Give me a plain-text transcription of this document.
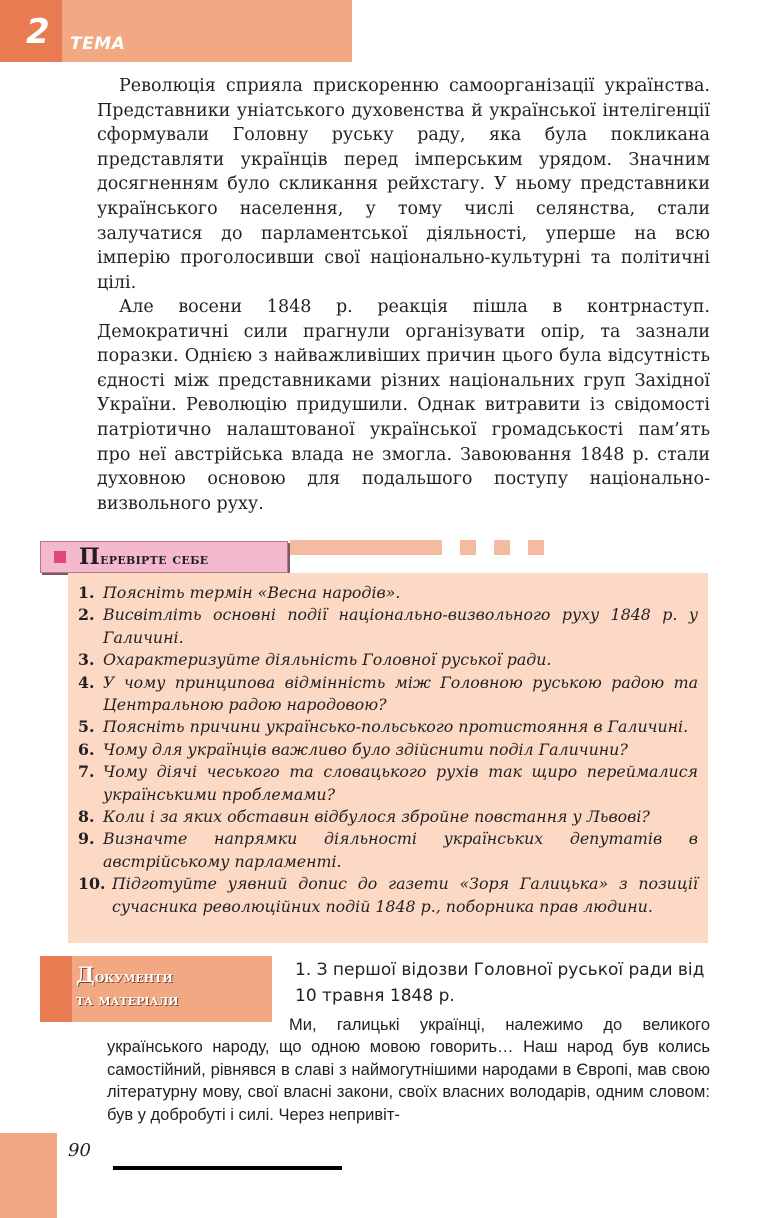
2 ТЕМА

Революція сприяла прискоренню самоорганізації українства. Представники уніатського духовенства й української інтелігенції сформували Головну руську раду, яка була покликана представляти українців перед імперським урядом. Значним досягненням було скликання рейхстагу. У ньому представники українського населення, у тому числі селянства, стали залучатися до парламентської діяльності, уперше на всю імперію проголосивши свої національно-культурні та політичні цілі.

Але восени 1848 р. реакція пішла в контрнаступ. Демократичні сили прагнули організувати опір, та зазнали поразки. Однією з найважливіших причин цього була відсутність єдності між представниками різних національних груп Західної України. Революцію придушили. Однак витравити із свідомості патріотично налаштованої української громадськості пам’ять про неї австрійська влада не змогла. Завоювання 1848 р. стали духовною основою для подальшого поступу національно-визвольного руху.

Перевірте себе
1. Поясніть термін «Весна народів».
2. Висвітліть основні події національно-визвольного руху 1848 р. у Галичині.
3. Охарактеризуйте діяльність Головної руської ради.
4. У чому принципова відмінність між Головною руською радою та Центральною радою народовою?
5. Поясніть причини українсько-польського протистояння в Галичині.
6. Чому для українців важливо було здійснити поділ Галичини?
7. Чому діячі чеського та словацького рухів так щиро переймалися українськими проблемами?
8. Коли і за яких обставин відбулося збройне повстання у Львові?
9. Визначте напрямки діяльності українських депутатів в австрійському парламенті.
10. Підготуйте уявний допис до газети «Зоря Галицька» з позиції сучасника революційних подій 1848 р., поборника прав людини.
Документи
та матеріали

1. З першої відозви Головної руської ради від 10 травня 1848 р.

Ми, галицькі українці, належимо до великого українського народу, що одною мовою говорить… Наш народ був колись самостійний, рівнявся в славі з наймогутнішими народами в Європі, мав свою літературну мову, свої власні закони, своїх власних володарів, одним словом: був у добробуті і силі. Через непривіт-

90
